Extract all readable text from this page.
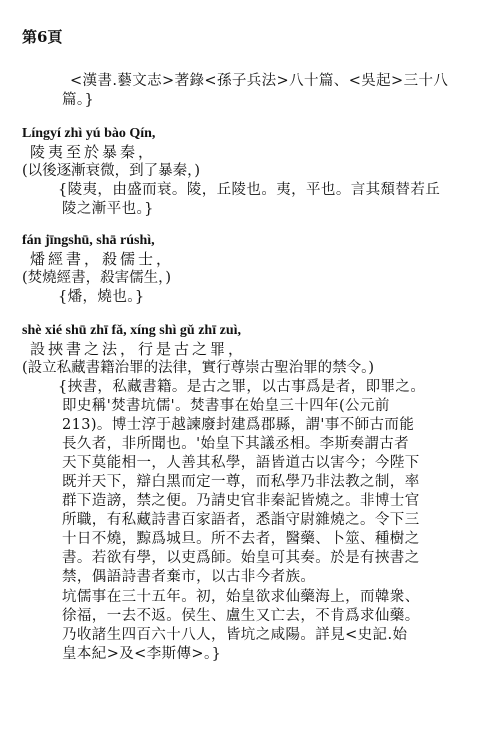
第6頁
<漢書.藝文志>著錄<孫子兵法>八十篇、<吳起>三十八
篇。}
Língyí zhì yú bào Qín,
陵夷至於暴秦，
(以後逐漸衰微，到了暴秦，)
{陵夷，由盛而衰。陵，丘陵也。夷，平也。言其頹替若丘
陵之漸平也。}
fán jīngshū, shā rúshì,
燔經書，殺儒士，
(焚燒經書，殺害儒生，)
{燔，燒也。}
shè xié shū zhī fǎ, xíng shì gǔ zhī zuì,
設挾書之法，行是古之罪，
(設立私藏書籍治罪的法律，實行尊崇古聖治罪的禁令。)
{挾書，私藏書籍。是古之罪，以古事爲是者，即罪之。
即史稱'焚書坑儒'。焚書事在始皇三十四年(公元前
213)。博士淳于越諫廢封建爲郡縣，謂'事不師古而能
長久者，非所聞也。'始皇下其議丞相。李斯奏謂古者
天下莫能相一，人善其私學，語皆道古以害今；今陛下
既并天下，辯白黑而定一尊，而私學乃非法教之制，率
群下造謗，禁之便。乃請史官非秦記皆燒之。非博士官
所職，有私藏詩書百家語者，悉詣守尉雜燒之。令下三
十日不燒，黥爲城旦。所不去者，醫藥、卜筮、種樹之
書。若欲有學，以吏爲師。始皇可其奏。於是有挾書之
禁，偶語詩書者棄市，以古非今者族。
坑儒事在三十五年。初，始皇欲求仙藥海上，而韓衆、
徐福，一去不返。侯生、盧生又亡去，不肯爲求仙藥。
乃收諸生四百六十八人，皆坑之咸陽。詳見<史記.始
皇本紀>及<李斯傳>。}
